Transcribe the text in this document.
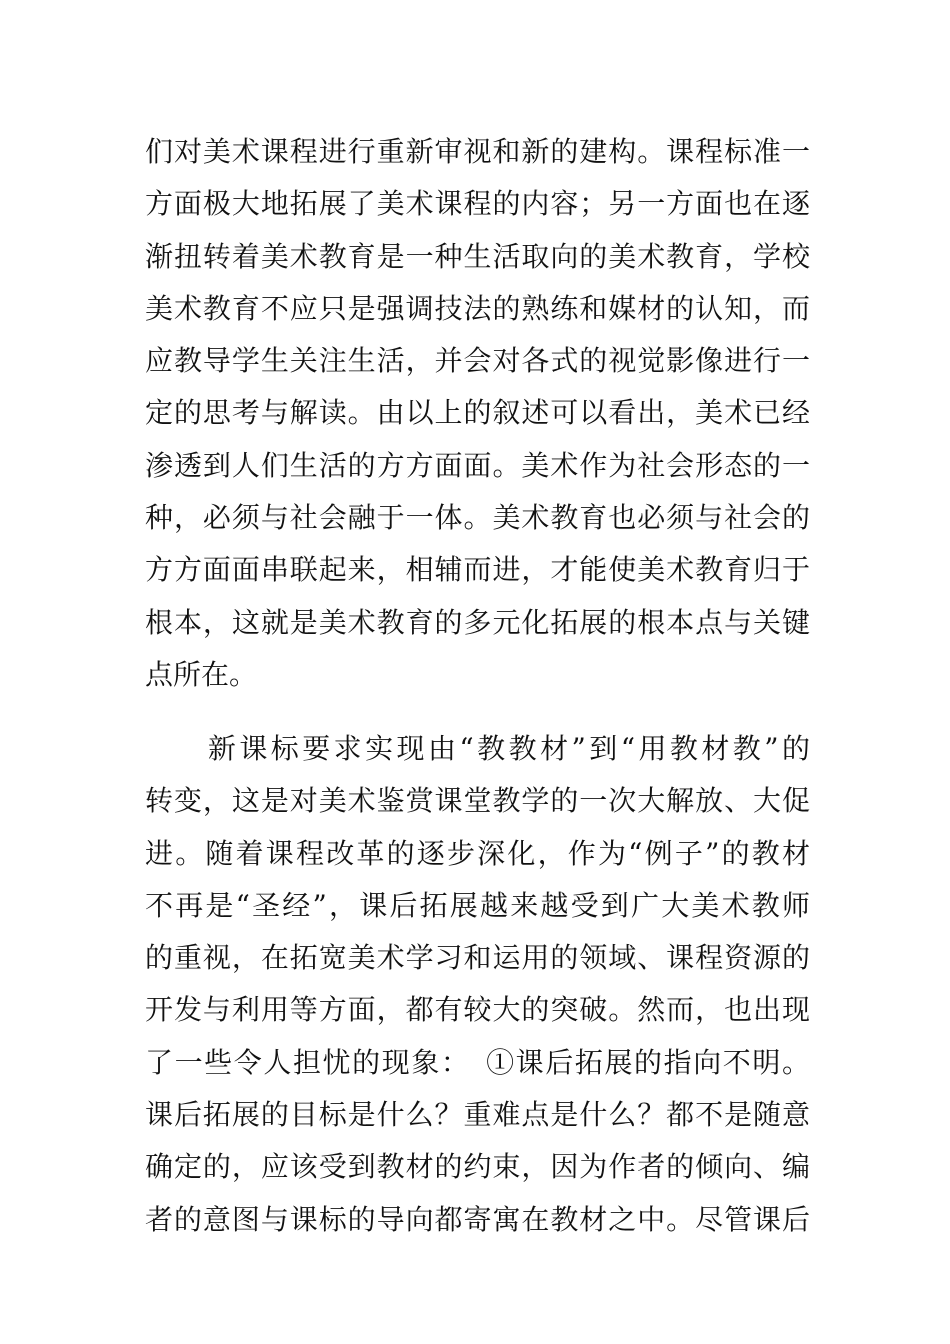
们对美术课程进行重新审视和新的建构。课程标准一
方面极大地拓展了美术课程的内容；另一方面也在逐
渐扭转着美术教育是一种生活取向的美术教育，学校
美术教育不应只是强调技法的熟练和媒材的认知，而
应教导学生关注生活，并会对各式的视觉影像进行一
定的思考与解读。由以上的叙述可以看出，美术已经
渗透到人们生活的方方面面。美术作为社会形态的一
种，必须与社会融于一体。美术教育也必须与社会的
方方面面串联起来，相辅而进，才能使美术教育归于
根本，这就是美术教育的多元化拓展的根本点与关键
点所在。
　　新课标要求实现由“教教材”到“用教材教”的
转变，这是对美术鉴赏课堂教学的一次大解放、大促
进。随着课程改革的逐步深化，作为“例子”的教材
不再是“圣经”，课后拓展越来越受到广大美术教师
的重视，在拓宽美术学习和运用的领域、课程资源的
开发与利用等方面，都有较大的突破。然而，也出现
了一些令人担忧的现象：　①课后拓展的指向不明。
课后拓展的目标是什么？重难点是什么？都不是随意
确定的，应该受到教材的约束，因为作者的倾向、编
者的意图与课标的导向都寄寓在教材之中。尽管课后
